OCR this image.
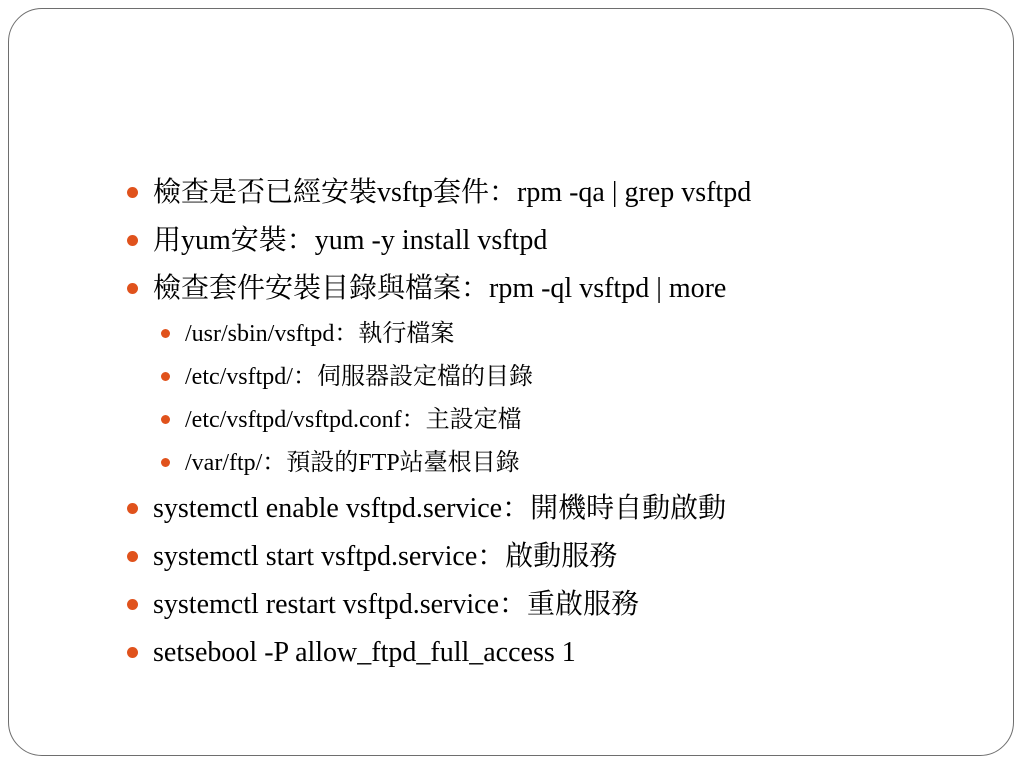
檢查是否已經安裝vsftp套件：rpm -qa | grep vsftpd
用yum安裝：yum -y install vsftpd
檢查套件安裝目錄與檔案：rpm -ql vsftpd | more
/usr/sbin/vsftpd：執行檔案
/etc/vsftpd/：伺服器設定檔的目錄
/etc/vsftpd/vsftpd.conf：主設定檔
/var/ftp/：預設的FTP站臺根目錄
systemctl enable vsftpd.service：開機時自動啟動
systemctl start vsftpd.service：啟動服務
systemctl restart vsftpd.service：重啟服務
setsebool -P allow_ftpd_full_access 1
